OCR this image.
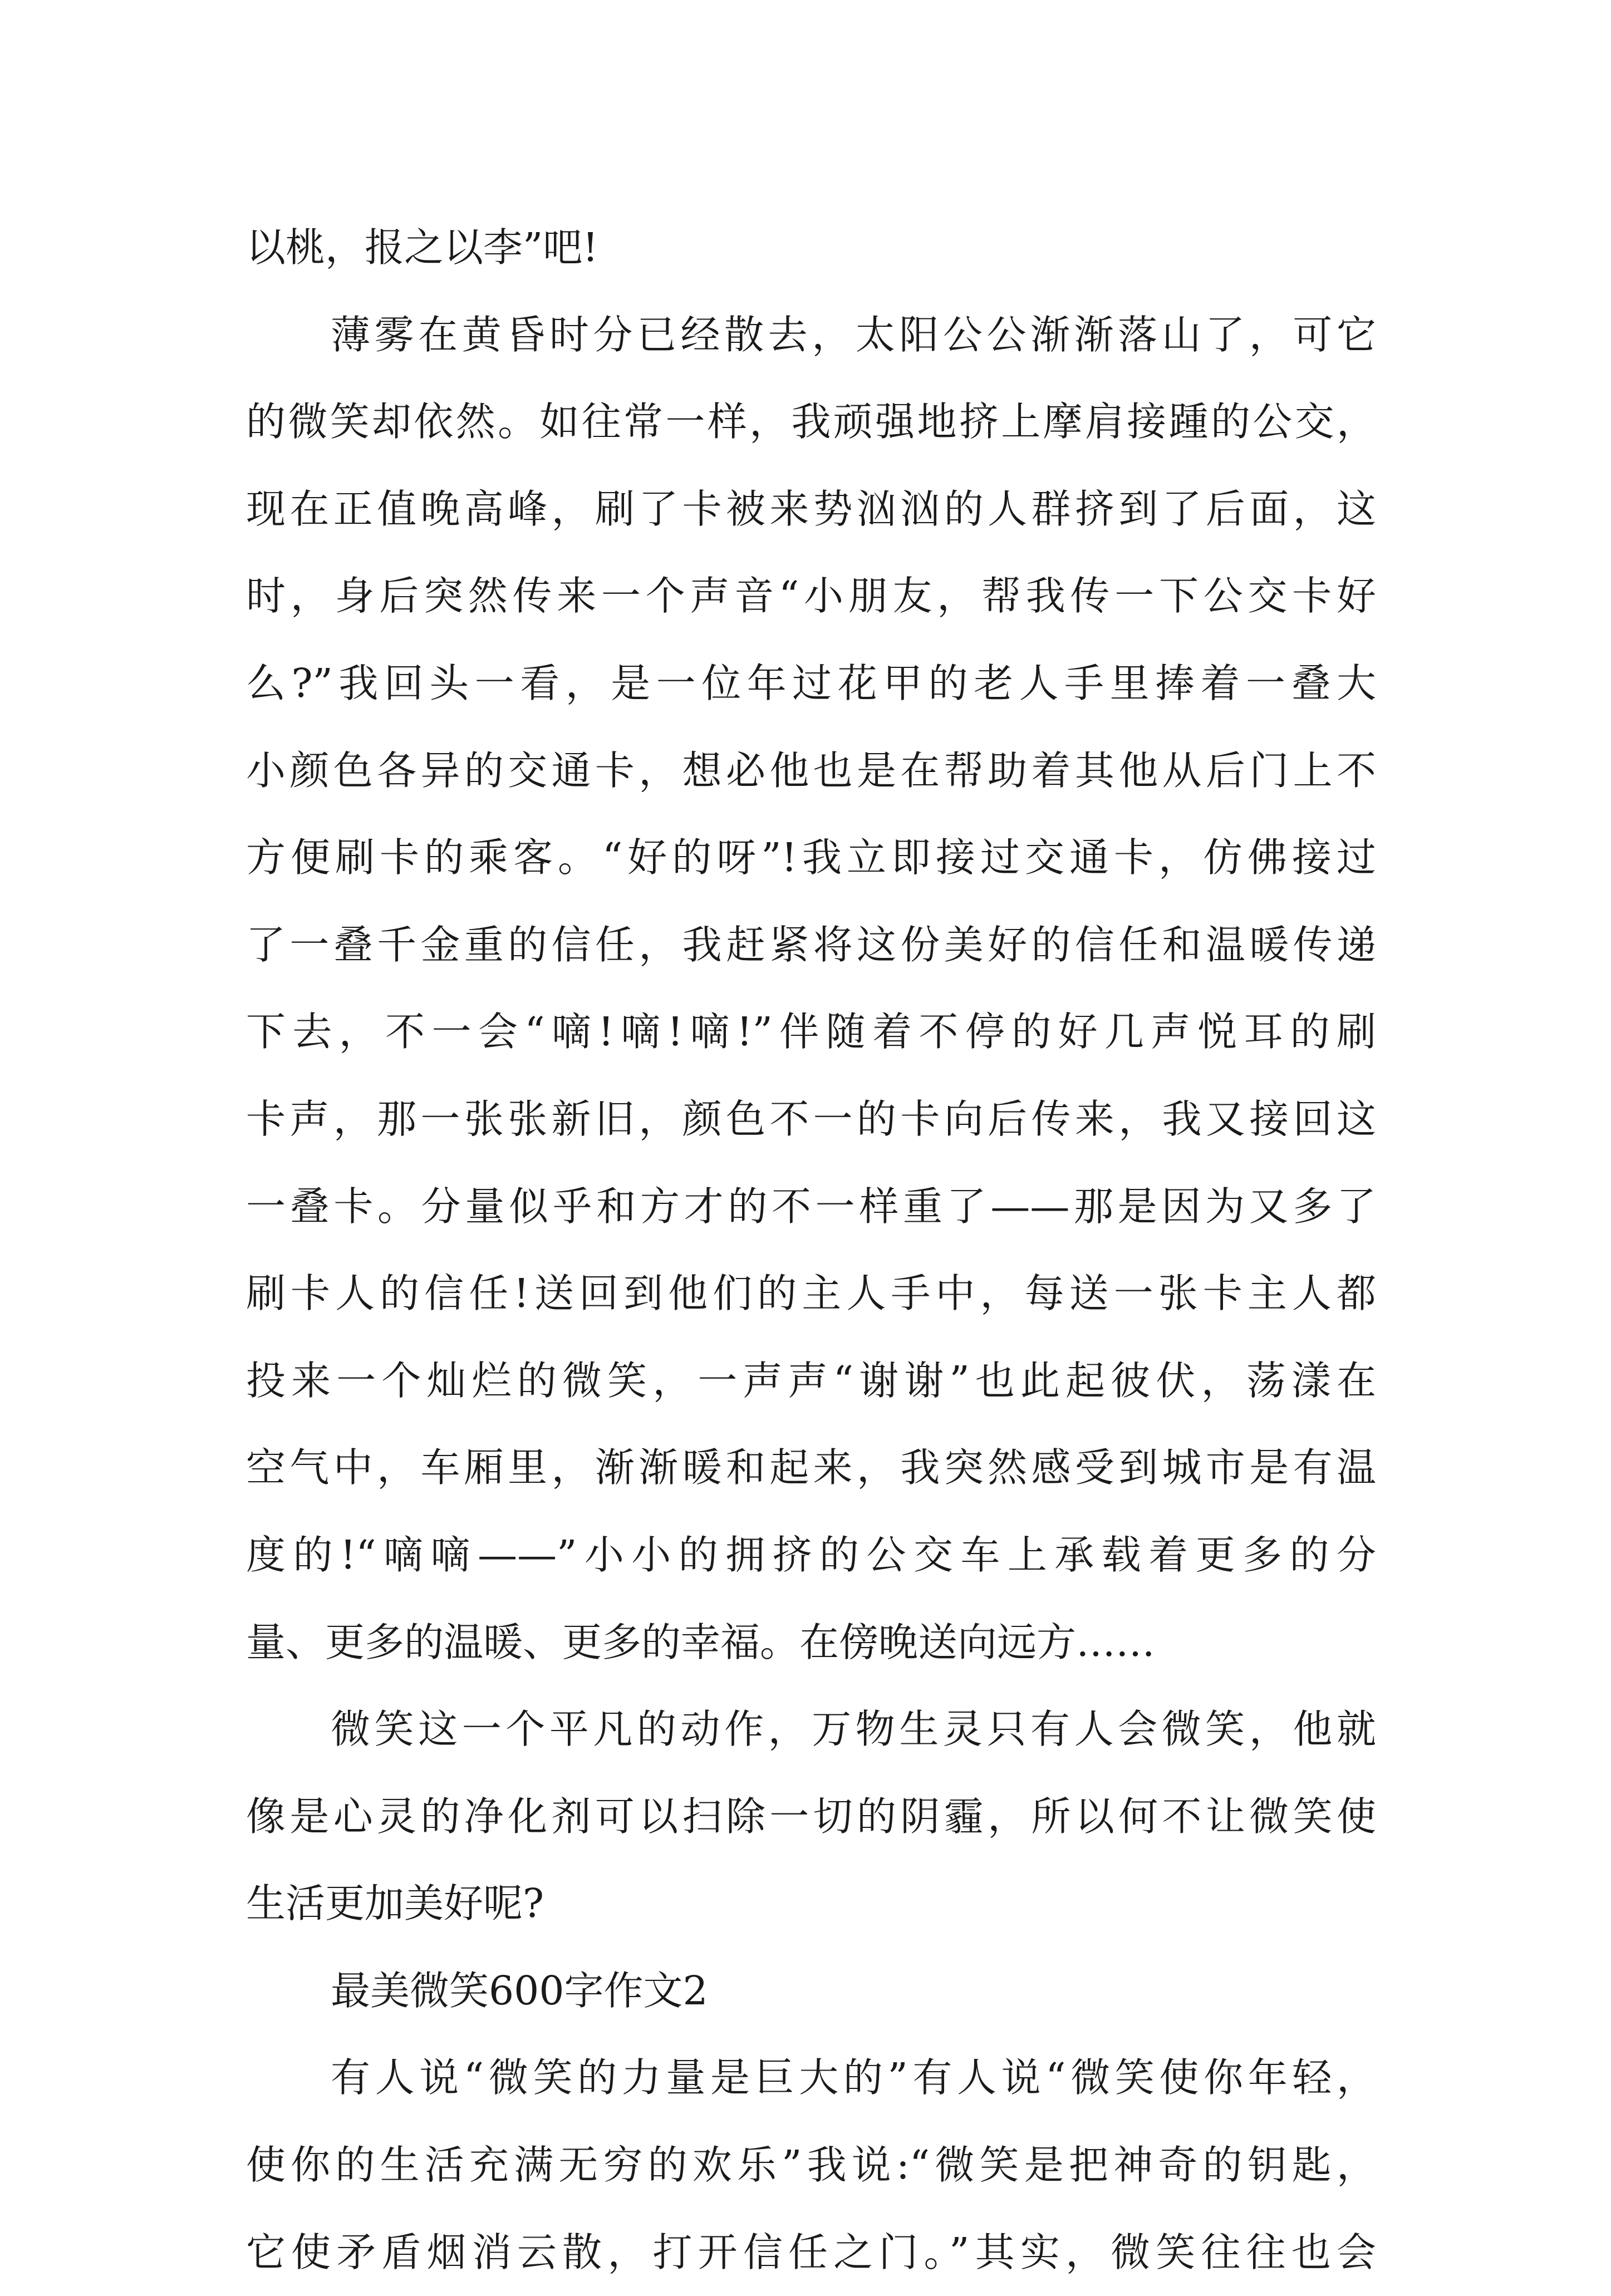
以桃，报之以李”吧!
薄雾在黄昏时分已经散去，太阳公公渐渐落山了，可它
的微笑却依然。如往常一样，我顽强地挤上摩肩接踵的公交，
现在正值晚高峰，刷了卡被来势汹汹的人群挤到了后面，这
时，身后突然传来一个声音“小朋友，帮我传一下公交卡好
么?”我回头一看，是一位年过花甲的老人手里捧着一叠大
小颜色各异的交通卡，想必他也是在帮助着其他从后门上不
方便刷卡的乘客。“好的呀”!我立即接过交通卡，仿佛接过
了一叠千金重的信任，我赶紧将这份美好的信任和温暖传递
下去，不一会“嘀!嘀!嘀!”伴随着不停的好几声悦耳的刷
卡声，那一张张新旧，颜色不一的卡向后传来，我又接回这
一叠卡。分量似乎和方才的不一样重了——那是因为又多了
刷卡人的信任!送回到他们的主人手中，每送一张卡主人都
投来一个灿烂的微笑，一声声“谢谢”也此起彼伏，荡漾在
空气中，车厢里，渐渐暖和起来，我突然感受到城市是有温
度的!“嘀嘀——”小小的拥挤的公交车上承载着更多的分
量、更多的温暖、更多的幸福。在傍晚送向远方……
微笑这一个平凡的动作，万物生灵只有人会微笑，他就
像是心灵的净化剂可以扫除一切的阴霾，所以何不让微笑使
生活更加美好呢?
最美微笑600字作文2
有人说“微笑的力量是巨大的”有人说“微笑使你年轻，
使你的生活充满无穷的欢乐”我说:“微笑是把神奇的钥匙，
它使矛盾烟消云散，打开信任之门。”其实，微笑往往也会
